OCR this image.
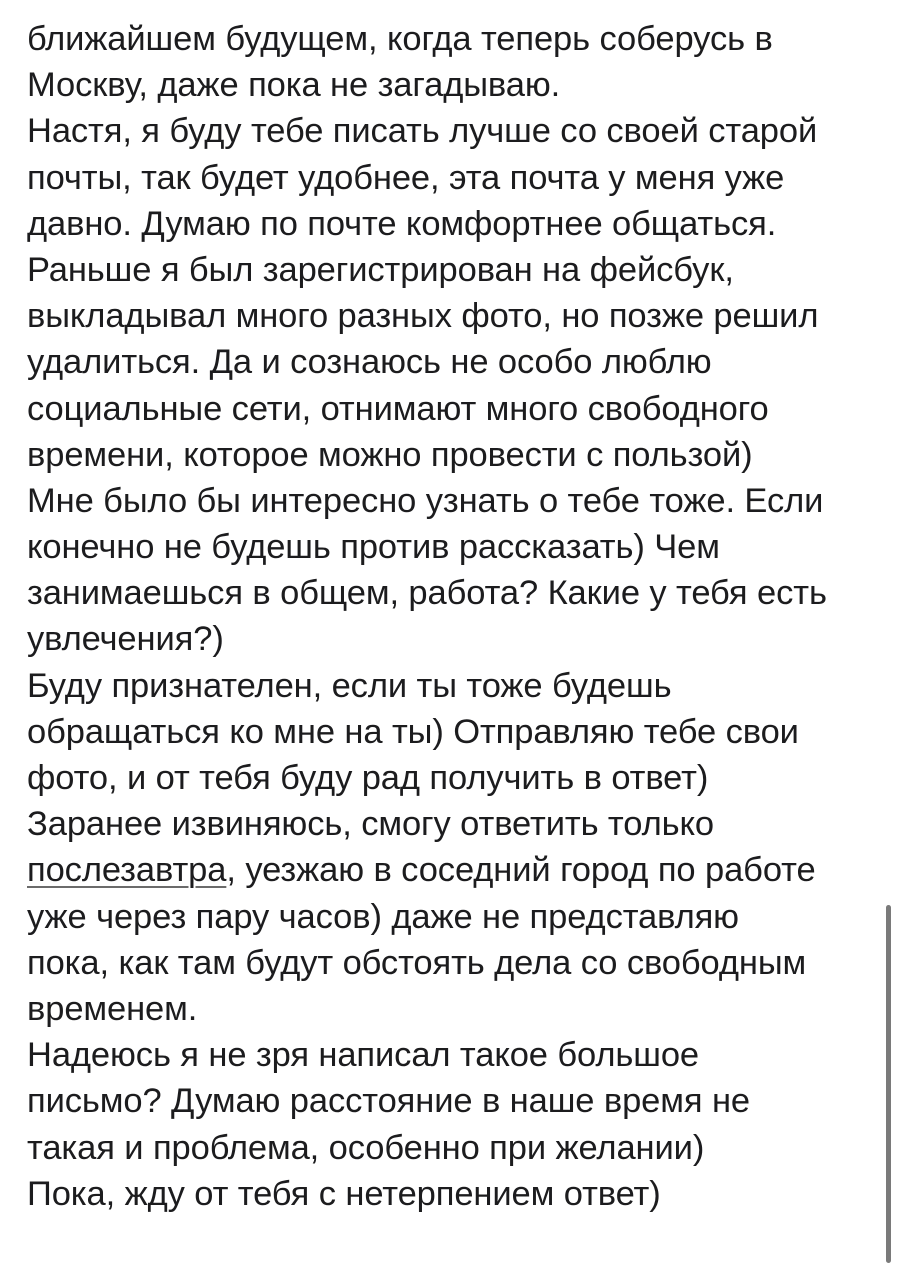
ближайшем будущем, когда теперь соберусь в
Москву, даже пока не загадываю.
Настя, я буду тебе писать лучше со своей старой
почты, так будет удобнее, эта почта у меня уже
давно. Думаю по почте комфортнее общаться.
Раньше я был зарегистрирован на фейсбук,
выкладывал много разных фото, но позже решил
удалиться. Да и сознаюсь не особо люблю
социальные сети, отнимают много свободного
времени, которое можно провести с пользой)
Мне было бы интересно узнать о тебе тоже. Если
конечно не будешь против рассказать) Чем
занимаешься в общем, работа? Какие у тебя есть
увлечения?)
Буду признателен, если ты тоже будешь
обращаться ко мне на ты) Отправляю тебе свои
фото, и от тебя буду рад получить в ответ)
Заранее извиняюсь, смогу ответить только
послезавтра, уезжаю в соседний город по работе
уже через пару часов) даже не представляю
пока, как там будут обстоять дела со свободным
временем.
Надеюсь я не зря написал такое большое
письмо? Думаю расстояние в наше время не
такая и проблема, особенно при желании)
Пока, жду от тебя с нетерпением ответ)
